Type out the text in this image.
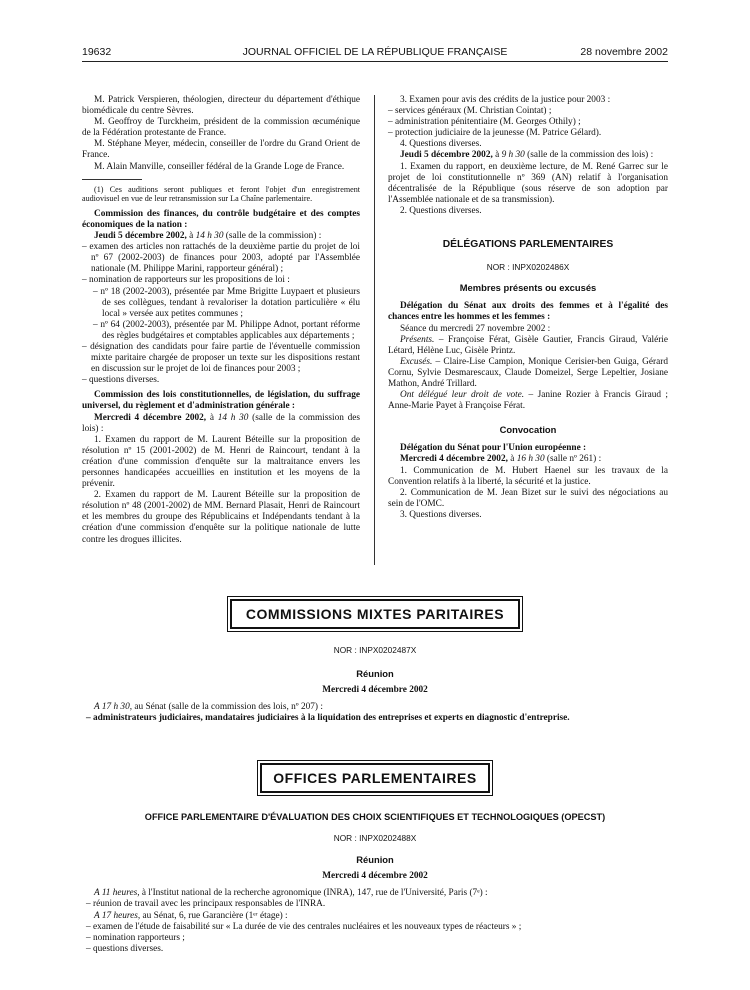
19632	JOURNAL OFFICIEL DE LA RÉPUBLIQUE FRANÇAISE	28 novembre 2002

M. Patrick Verspieren, théologien, directeur du département d'éthique biomédicale du centre Sèvres.

M. Geoffroy de Turckheim, président de la commission œcuménique de la Fédération protestante de France.

M. Stéphane Meyer, médecin, conseiller de l'ordre du Grand Orient de France.

M. Alain Manville, conseiller fédéral de la Grande Loge de France.

(1) Ces auditions seront publiques et feront l'objet d'un enregistrement audiovisuel en vue de leur retransmission sur La Chaîne parlementaire.

Commission des finances, du contrôle budgétaire et des comptes économiques de la nation :

Jeudi 5 décembre 2002, à 14 h 30 (salle de la commission) :

– examen des articles non rattachés de la deuxième partie du projet de loi nº 67 (2002-2003) de finances pour 2003, adopté par l'Assemblée nationale (M. Philippe Marini, rapporteur général) ;

– nomination de rapporteurs sur les propositions de loi :

– nº 18 (2002-2003), présentée par Mme Brigitte Luypaert et plusieurs de ses collègues, tendant à revaloriser la dotation particulière « élu local » versée aux petites communes ;

– nº 64 (2002-2003), présentée par M. Philippe Adnot, portant réforme des règles budgétaires et comptables applicables aux départements ;

– désignation des candidats pour faire partie de l'éventuelle commission mixte paritaire chargée de proposer un texte sur les dispositions restant en discussion sur le projet de loi de finances pour 2003 ;

– questions diverses.

Commission des lois constitutionnelles, de législation, du suffrage universel, du règlement et d'administration générale :

Mercredi 4 décembre 2002, à 14 h 30 (salle de la commission des lois) :

1. Examen du rapport de M. Laurent Béteille sur la proposition de résolution nº 15 (2001-2002) de M. Henri de Raincourt, tendant à la création d'une commission d'enquête sur la maltraitance envers les personnes handicapées accueillies en institution et les moyens de la prévenir.

2. Examen du rapport de M. Laurent Béteille sur la proposition de résolution nº 48 (2001-2002) de MM. Bernard Plasait, Henri de Raincourt et les membres du groupe des Républicains et Indépendants tendant à la création d'une commission d'enquête sur la politique nationale de lutte contre les drogues illicites.

3. Examen pour avis des crédits de la justice pour 2003 :

– services généraux (M. Christian Cointat) ;

– administration pénitentiaire (M. Georges Othily) ;

– protection judiciaire de la jeunesse (M. Patrice Gélard).

4. Questions diverses.

Jeudi 5 décembre 2002, à 9 h 30 (salle de la commission des lois) :

1. Examen du rapport, en deuxième lecture, de M. René Garrec sur le projet de loi constitutionnelle nº 369 (AN) relatif à l'organisation décentralisée de la République (sous réserve de son adoption par l'Assemblée nationale et de sa transmission).

2. Questions diverses.

DÉLÉGATIONS PARLEMENTAIRES

NOR : INPX0202486X

Membres présents ou excusés

Délégation du Sénat aux droits des femmes et à l'égalité des chances entre les hommes et les femmes :

Séance du mercredi 27 novembre 2002 :

Présents. – Françoise Férat, Gisèle Gautier, Francis Giraud, Valérie Létard, Hélène Luc, Gisèle Printz.

Excusés. – Claire-Lise Campion, Monique Cerisier-ben Guiga, Gérard Cornu, Sylvie Desmarescaux, Claude Domeizel, Serge Lepeltier, Josiane Mathon, André Trillard.

Ont délégué leur droit de vote. – Janine Rozier à Francis Giraud ; Anne-Marie Payet à Françoise Férat.

Convocation

Délégation du Sénat pour l'Union européenne :

Mercredi 4 décembre 2002, à 16 h 30 (salle nº 261) :

1. Communication de M. Hubert Haenel sur les travaux de la Convention relatifs à la liberté, la sécurité et la justice.

2. Communication de M. Jean Bizet sur le suivi des négociations au sein de l'OMC.

3. Questions diverses.

COMMISSIONS MIXTES PARITAIRES

NOR : INPX0202487X

Réunion

Mercredi 4 décembre 2002

A 17 h 30, au Sénat (salle de la commission des lois, nº 207) :

– administrateurs judiciaires, mandataires judiciaires à la liquidation des entreprises et experts en diagnostic d'entreprise.

OFFICES PARLEMENTAIRES

OFFICE PARLEMENTAIRE D'ÉVALUATION DES CHOIX SCIENTIFIQUES ET TECHNOLOGIQUES (OPECST)

NOR : INPX0202488X

Réunion

Mercredi 4 décembre 2002

A 11 heures, à l'Institut national de la recherche agronomique (INRA), 147, rue de l'Université, Paris (7ᵉ) :

– réunion de travail avec les principaux responsables de l'INRA.

A 17 heures, au Sénat, 6, rue Garancière (1ᵉʳ étage) :

– examen de l'étude de faisabilité sur « La durée de vie des centrales nucléaires et les nouveaux types de réacteurs » ;

– nomination rapporteurs ;

– questions diverses.
